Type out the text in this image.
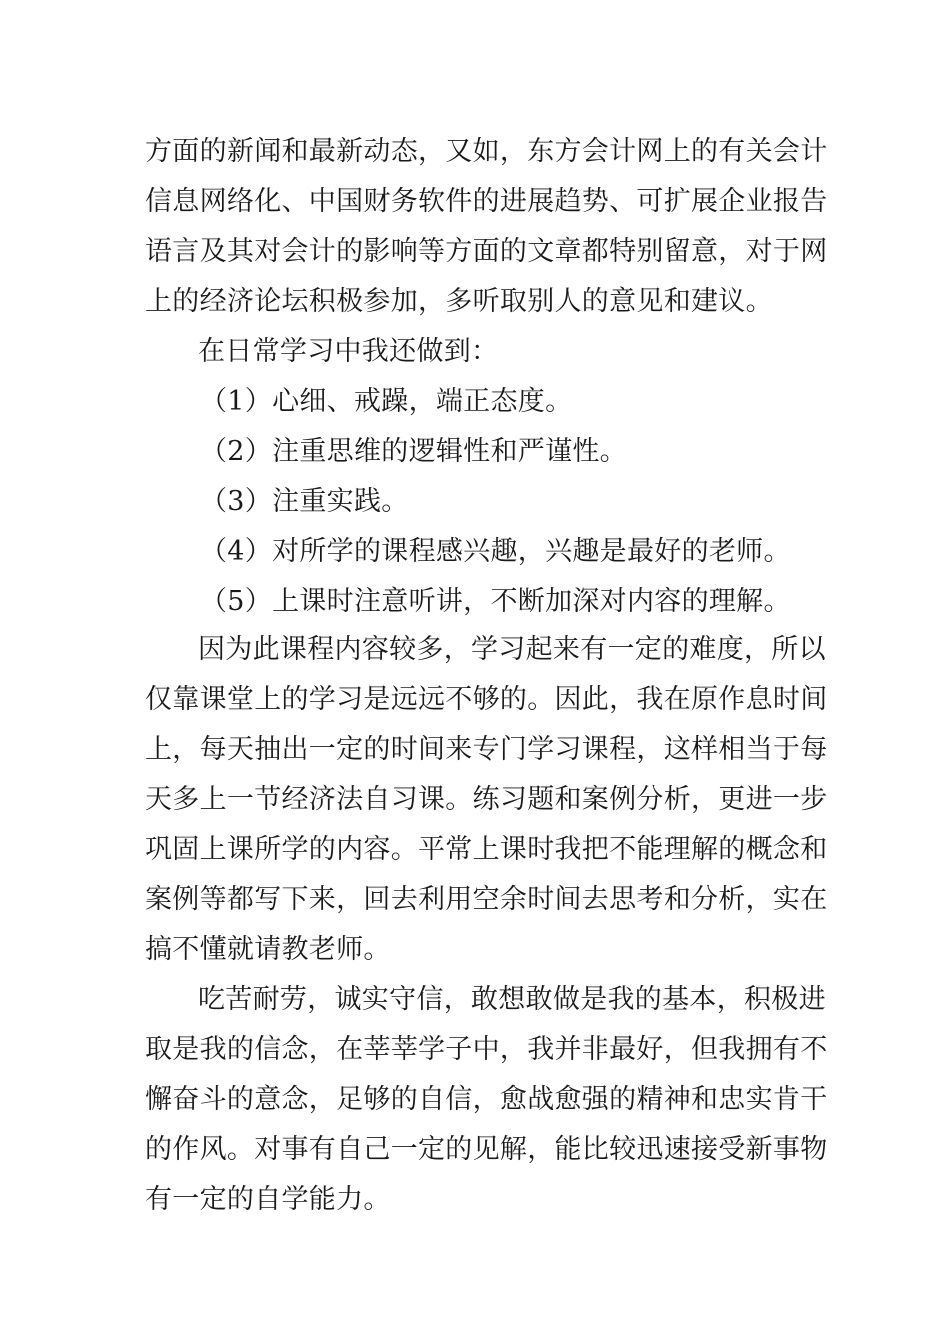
方面的新闻和最新动态，又如，东方会计网上的有关会计
信息网络化、中国财务软件的进展趋势、可扩展企业报告
语言及其对会计的影响等方面的文章都特别留意，对于网
上的经济论坛积极参加，多听取别人的意见和建议。
在日常学习中我还做到：
（1）心细、戒躁，端正态度。
（2）注重思维的逻辑性和严谨性。
（3）注重实践。
（4）对所学的课程感兴趣，兴趣是最好的老师。
（5）上课时注意听讲，不断加深对内容的理解。
因为此课程内容较多，学习起来有一定的难度，所以
仅靠课堂上的学习是远远不够的。因此，我在原作息时间
上，每天抽出一定的时间来专门学习课程，这样相当于每
天多上一节经济法自习课。练习题和案例分析，更进一步
巩固上课所学的内容。平常上课时我把不能理解的概念和
案例等都写下来，回去利用空余时间去思考和分析，实在
搞不懂就请教老师。
吃苦耐劳，诚实守信，敢想敢做是我的基本，积极进
取是我的信念，在莘莘学子中，我并非最好，但我拥有不
懈奋斗的意念，足够的自信，愈战愈强的精神和忠实肯干
的作风。对事有自己一定的见解，能比较迅速接受新事物
有一定的自学能力。
